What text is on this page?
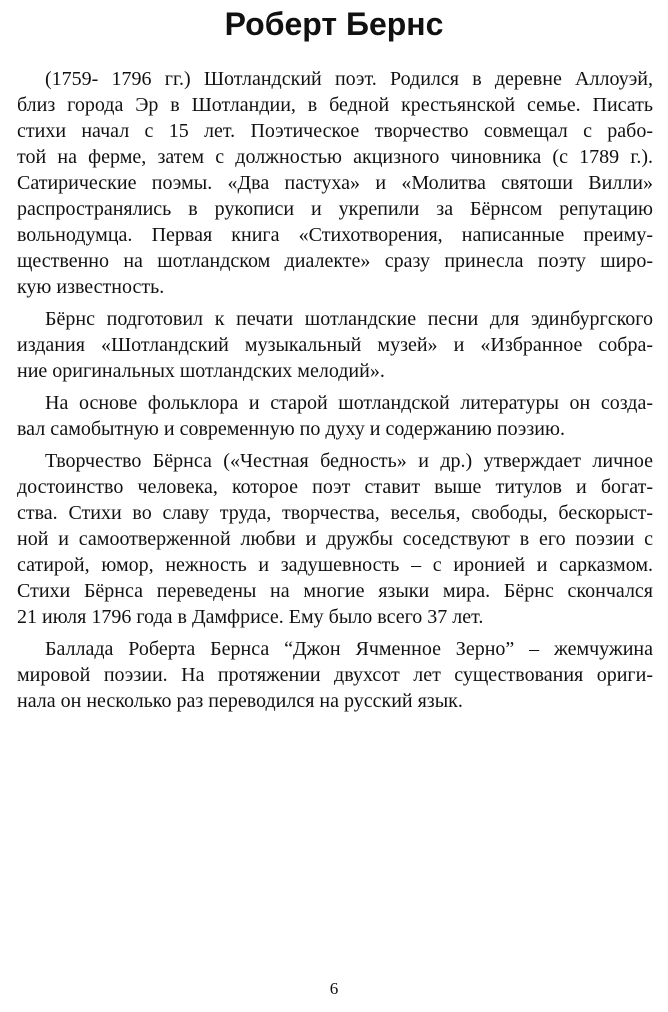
Роберт Бернс
(1759- 1796 гг.) Шотландский поэт. Родился в деревне Аллоуэй,
близ города Эр в Шотландии, в бедной крестьянской семье. Писать
стихи начал с 15 лет. Поэтическое творчество совмещал с рабо-
той на ферме, затем с должностью акцизного чиновника (с 1789 г.).
Сатирические поэмы. «Два пастуха» и «Молитва святоши Вилли»
распространялись в рукописи и укрепили за Бёрнсом репутацию
вольнодумца. Первая книга «Стихотворения, написанные преиму-
щественно на шотландском диалекте» сразу принесла поэту широ-
кую известность.
Бёрнс подготовил к печати шотландские песни для эдинбургского
издания «Шотландский музыкальный музей» и «Избранное собра-
ние оригинальных шотландских мелодий».
На основе фольклора и старой шотландской литературы он созда-
вал самобытную и современную по духу и содержанию поэзию.
Творчество Бёрнса («Честная бедность» и др.) утверждает личное
достоинство человека, которое поэт ставит выше титулов и богат-
ства. Стихи во славу труда, творчества, веселья, свободы, бескорыст-
ной и самоотверженной любви и дружбы соседствуют в его поэзии с
сатирой, юмор, нежность и задушевность – с иронией и сарказмом.
Стихи Бёрнса переведены на многие языки мира. Бёрнс скончался
21 июля 1796 года в Дамфрисе. Ему было всего 37 лет.
Баллада Роберта Бернса “Джон Ячменное Зерно” – жемчужина
мировой поэзии. На протяжении двухсот лет существования ориги-
нала он несколько раз переводился на русский язык.
6
